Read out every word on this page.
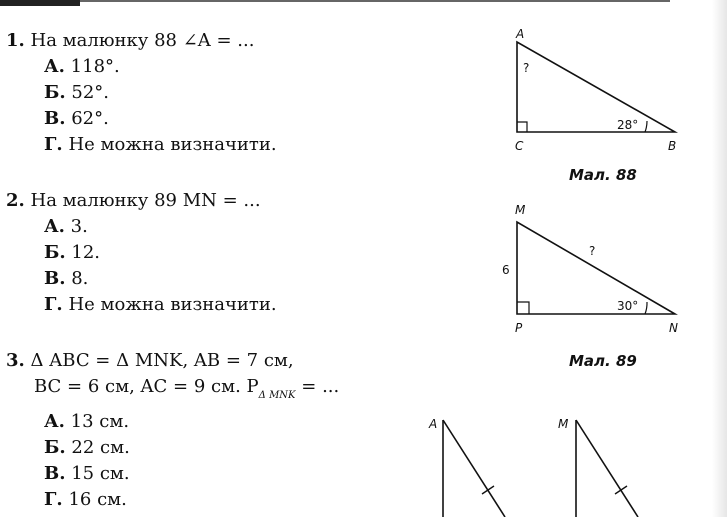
1. На малюнку 88 ∠A = ...
А. 118°.
Б. 52°.
В. 62°.
Г. Не можна визначити.
2. На малюнку 89 MN = ...
А. 3.
Б. 12.
В. 8.
Г. Не можна визначити.
3. Δ ABC = Δ MNK, AB = 7 см,
BC = 6 см, AC = 9 см. $P_{\Delta MNK}$ = ...
А. 13 см.
Б. 22 см.
В. 15 см.
Г. 16 см.
A
C	B
?
28°
M
P	N
6
?
30°
A	M
Мал. 88
Мал. 89
